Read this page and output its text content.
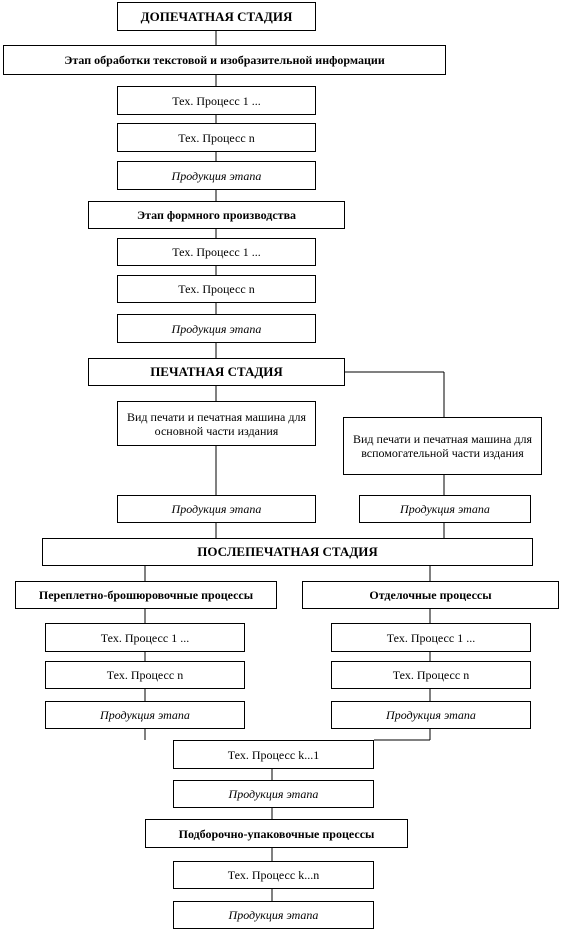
ДОПЕЧАТНАЯ СТАДИЯ
Этап обработки текстовой и изобразительной информации
Тех. Процесс 1 ...
Тех. Процесс n
Продукция этапа
Этап формного производства
Тех. Процесс 1 ...
Тех. Процесс n
Продукция этапа
ПЕЧАТНАЯ СТАДИЯ
Вид печати и печатная машина для основной части издания
Вид печати и печатная машина для вспомогательной части издания
Продукция этапа	Продукция этапа
ПОСЛЕПЕЧАТНАЯ СТАДИЯ
Переплетно-брошюровочные процессы	Отделочные процессы
Тех. Процесс 1 ...
Тех. Процесс n
Продукция этапа
Тех. Процесс 1 ...
Тех. Процесс n
Продукция этапа
Тех. Процесс k...1
Продукция этапа
Подборочно-упаковочные процессы
Тех. Процесс k...n
Продукция этапа
